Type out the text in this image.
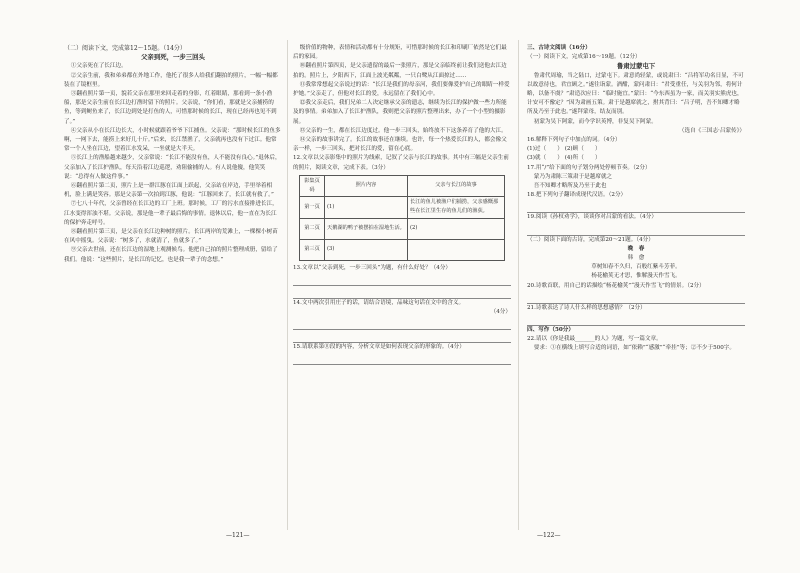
（二）阅读下文，完成第12～15题。（14分）

父亲到死，一步三回头

①父亲死在了长江边。

②父亲生前，我和弟弟都在外地工作，他托了很多人给我们翻拍的照片，一幅一幅都装在了镜框里。

③翻看照片第一页，貌若父亲在那里来回走着的身影，红着眼睛，那看到一条小渔船，那是父亲生前在长江边打渔时留下的照片。父亲说，“你们看，那就是父亲捕捞的鱼，等到鲥鱼来了，长江边到处是打鱼的人，可惜那时候的长江，现在已经再也见不到了。”

④父亲从小在长江边长大，小时候就跟着爷爷下江捕鱼。父亲说：“那时候长江的鱼多啊，一网下去，能捞上来好几十斤。”后来，长江禁渔了，父亲就再也没有下过江。他常常一个人坐在江边，望着江水发呆，一坐就是大半天。

⑤长江上的渔船越来越少，父亲常说：“长江不能没有鱼，人不能没有良心。”退休后，父亲加入了长江护渔队，每天沿着江边巡逻，劝阻偷捕的人。有人说他傻，他笑笑说：“总得有人做这件事。”

⑥翻看照片第二页，照片上是一群江豚在江面上跃起，父亲站在岸边，手里举着相机，脸上满是笑容。那是父亲第一次拍到江豚，他说：“江豚回来了，长江就有救了。”

⑦七八十年代，父亲曾经在长江边的工厂上班。那时候，工厂的污水直接排进长江，江水变得浑浊不堪。父亲说，那是他一辈子最后悔的事情。退休以后，他一直在为长江的保护奔走呼号。

⑧翻看照片第三页，是父亲在长江边种树的照片。长江两岸的荒滩上，一棵棵小树苗在风中摇曳。父亲说：“树多了，水就清了，鱼就多了。”

⑨父亲去世前，还在长江边的湿地上观测候鸟。他把自己拍的照片整理成册，留给了我们。他说：“这些照片，是长江的记忆，也是我一辈子的念想。”

级价值的物种，表情和活动都有十分规矩，可惜那时候的长江和印刷厂依然是它们最后的家园。

⑩翻看照片第四页，是父亲遗留的最后一张照片，那是父亲临终前让我们送他去江边拍的。照片上，夕阳西下，江面上波光粼粼，一只白鹭从江面掠过……

⑪我常常想起父亲说过的话：“长江是我们的母亲河，我们要像爱护自己的眼睛一样爱护她。”父亲走了，但他对长江的爱，永远留在了我们心中。

⑫我父亲走后，我们兄弟二人决定继承父亲的遗志，继续为长江的保护做一些力所能及的事情。弟弟加入了长江护渔队，我则把父亲的照片整理出来，办了一个小型的摄影展。

⑬父亲的一生，都在长江边度过。他一步三回头，始终放不下这条养育了他的大江。

⑭父亲的故事讲完了。长江的故事还在继续。也许，每一个热爱长江的人，都会像父亲一样，一步三回头，把对长江的爱，留在心底。

12.文章以父亲影集中的照片为线索，记叙了父亲与长江的故事。其中有三幅是父亲生前的照片，阅读文章，完成下表。（3分）

影集页码	照片内容	父亲与长江的故事
第一页	(1)	长江的鱼儿被渔户们捕捞，父亲感慨那些在长江里生存的鱼儿们的渔获。
第二页	天鹅湖的鸭子被摆拍在湿地生活。	(2)
第三页	(3)	

13.文章以“父亲到死，一步三回头”为题，有什么好处？（4分）

14.文中两次引用庄子的话，请结合语境，品味这句话在文中的含义。

（4分）

15.请联系第⑪段的内容，分析文章是如何表现父亲的形象的。（4分）

三、古诗文阅读（16分）

（一）阅读下文，完成第16～19题。（12分）

鲁肃过蒙屯下

鲁肃代周瑜，当之陆口，过蒙屯下。肃意尚轻蒙，或说肃曰：“吕将军功名日显，不可以故意待也，君宜顾之。”遂往诣蒙。酒酣，蒙问肃曰：“君受重任，与关羽为邻，将何计略，以备不虞？”肃造次应曰：“临时施宜。”蒙曰：“今东西虽为一家，而关羽实熊虎也，计安可不豫定？”因为肃画五策。肃于是越席就之，拊其背曰：“吕子明，吾不知卿才略所及乃至于此也。”遂拜蒙母，结友而别。

初蒙为吴下阿蒙，而今学识英博，非复吴下阿蒙。

（选自《三国志·吕蒙传》）

16.解释下列句子中加点的词。（4分）

(1)过（　　） (2)顾（　　）

(3)就（　　） (4)所（　　）

17.用“/”给下面的句子划分两处停顿节奏。（2分）

蒙乃为肃陈三策肃于是越席就之

吾不知卿才略所及乃至于此也

18.把下列句子翻译成现代汉语。（2分）

19.阅读《孙权劝学》，谈谈你对吕蒙的看法。（4分）

（二）阅读下面的古诗，完成第20～21题。（4分）

晚　春

韩　愈

草树知春不久归，百般红紫斗芳菲。

杨花榆荚无才思，惟解漫天作雪飞。

20.诗歌首联，用自己的话描绘“杨花榆荚”“漫天作雪飞”的情景。（2分）

21.诗歌表达了诗人什么样的思想感情？（2分）

四、写作（50分）

22.请以《你是我最_______的人》为题，写一篇文章。

要求：①在横线上填写合适的词语，如“依赖”“感激”“牵挂”等；②不少于500字。

—121—	—122—
